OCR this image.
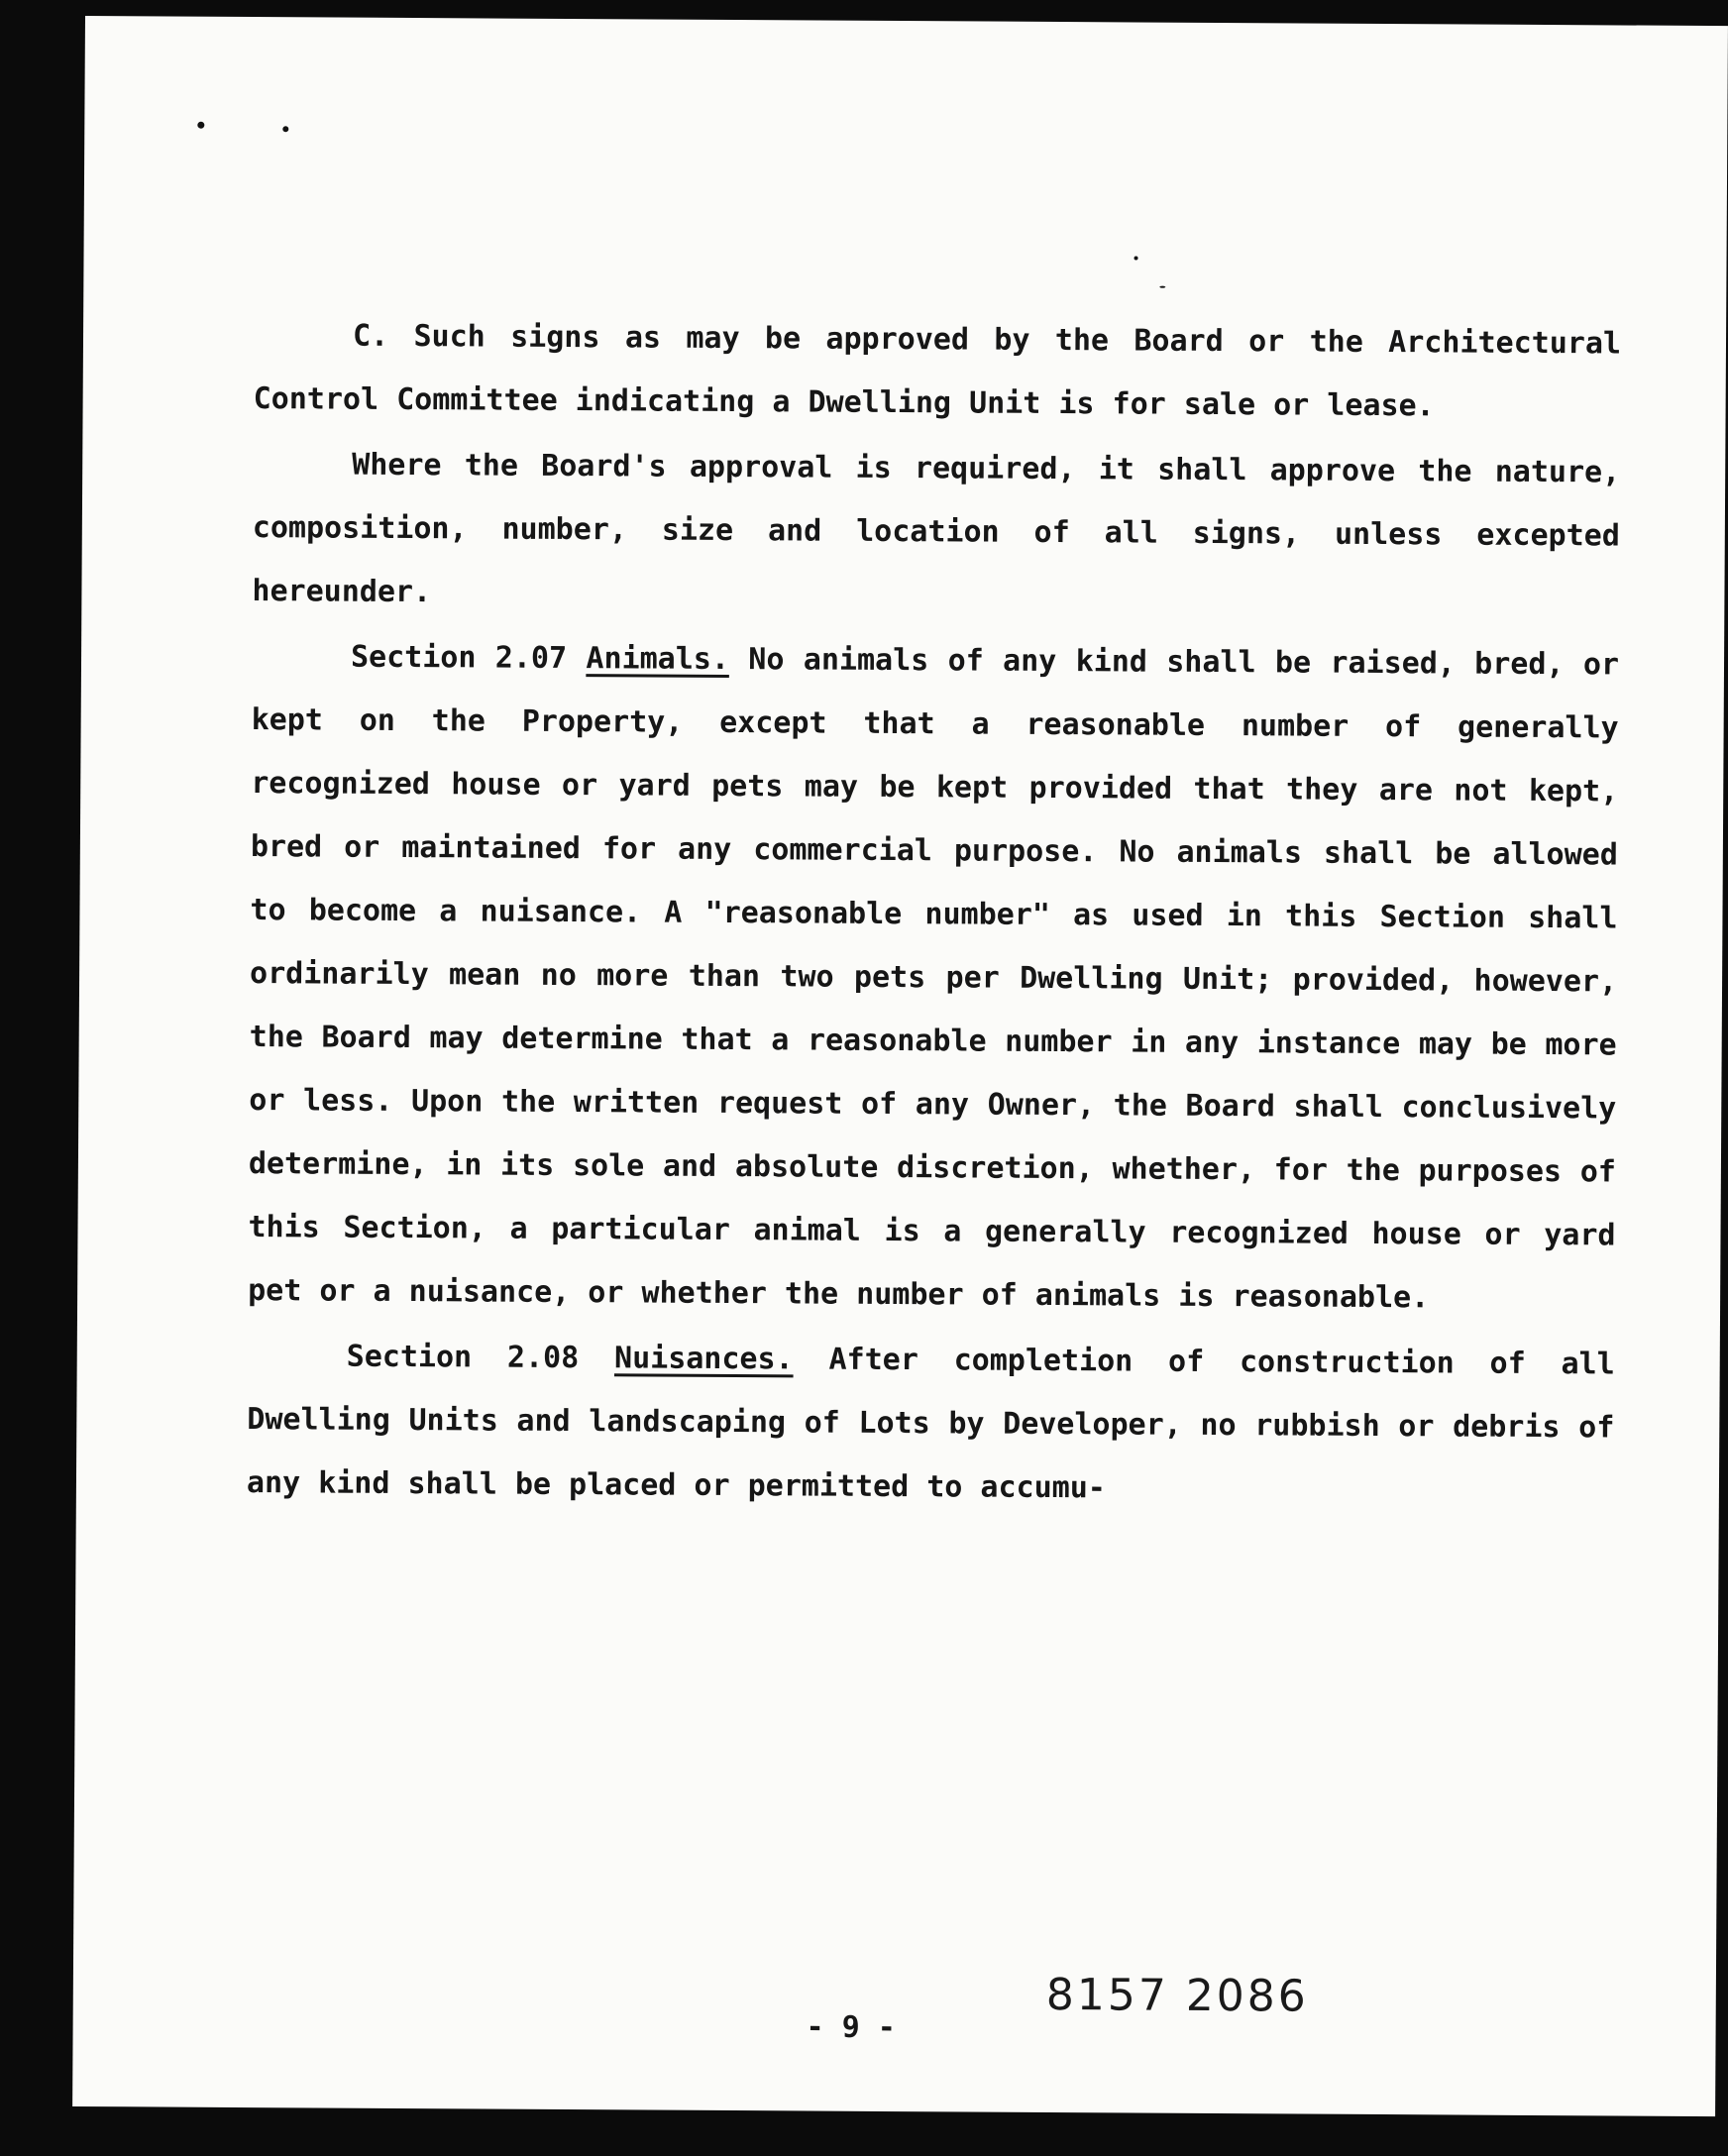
C. Such signs as may be approved by the Board or the Architectural Control Committee indicating a Dwelling Unit is for sale or lease.

Where the Board's approval is required, it shall approve the nature, composition, number, size and location of all signs, unless excepted hereunder.

Section 2.07 Animals. No animals of any kind shall be raised, bred, or kept on the Property, except that a reasonable number of generally recognized house or yard pets may be kept provided that they are not kept, bred or maintained for any commercial purpose. No animals shall be allowed to become a nuisance. A "reasonable number" as used in this Section shall ordinarily mean no more than two pets per Dwelling Unit; provided, however, the Board may determine that a reasonable number in any instance may be more or less. Upon the written request of any Owner, the Board shall conclusively determine, in its sole and absolute discretion, whether, for the purposes of this Section, a particular animal is a generally recognized house or yard pet or a nuisance, or whether the number of animals is reasonable.

Section 2.08 Nuisances. After completion of construction of all Dwelling Units and landscaping of Lots by Developer, no rubbish or debris of any kind shall be placed or permitted to accumu-

- 9 -
8157 2086
